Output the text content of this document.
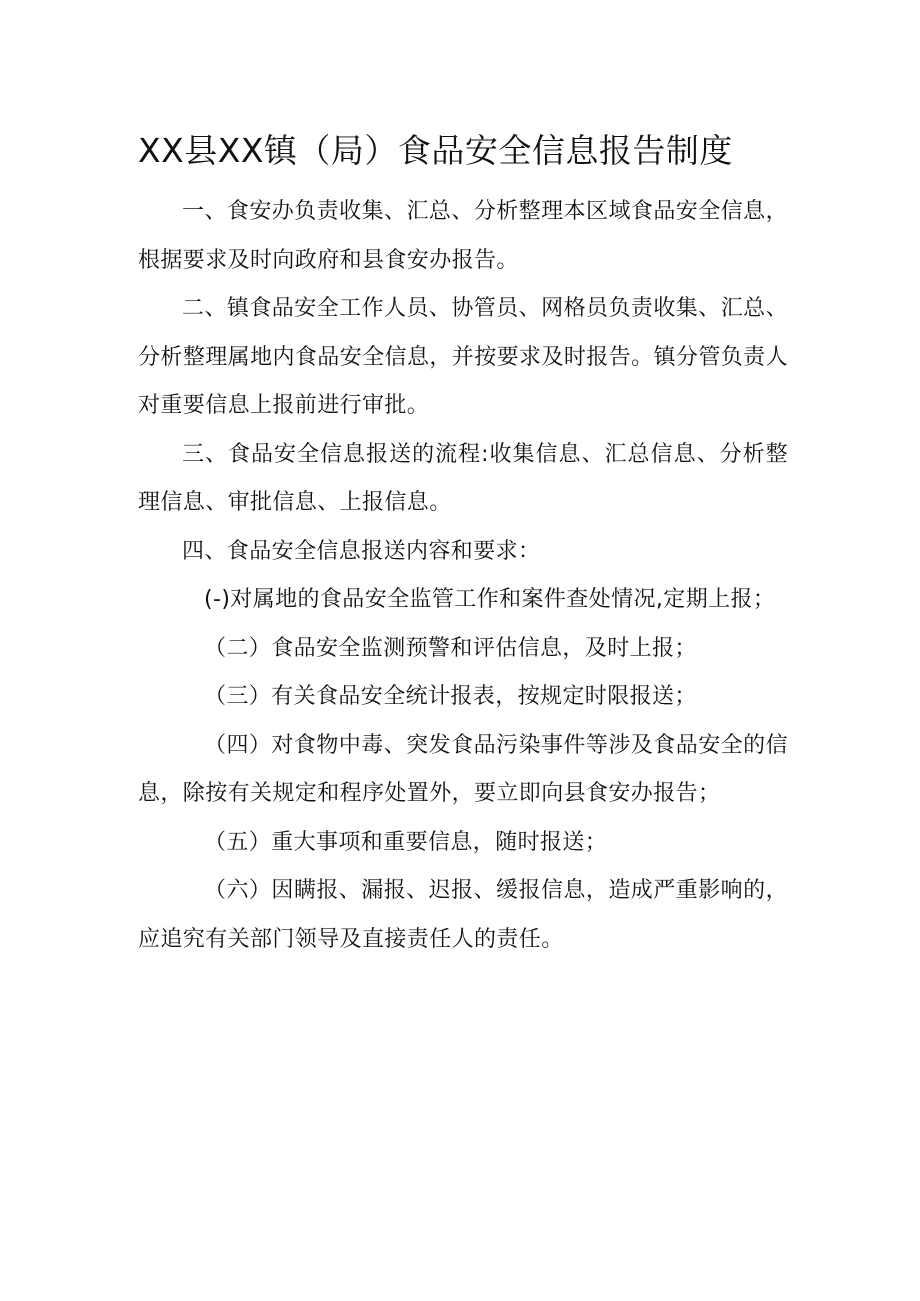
XX县XX镇（局）食品安全信息报告制度

一、食安办负责收集、汇总、分析整理本区域食品安全信息，根据要求及时向政府和县食安办报告。

二、镇食品安全工作人员、协管员、网格员负责收集、汇总、分析整理属地内食品安全信息，并按要求及时报告。镇分管负责人对重要信息上报前进行审批。

三、食品安全信息报送的流程:收集信息、汇总信息、分析整理信息、审批信息、上报信息。

四、食品安全信息报送内容和要求：

(-)对属地的食品安全监管工作和案件查处情况,定期上报；

（二）食品安全监测预警和评估信息，及时上报；

（三）有关食品安全统计报表，按规定时限报送；

（四）对食物中毒、突发食品污染事件等涉及食品安全的信息，除按有关规定和程序处置外，要立即向县食安办报告；

（五）重大事项和重要信息，随时报送；

（六）因瞒报、漏报、迟报、缓报信息，造成严重影响的，应追究有关部门领导及直接责任人的责任。
